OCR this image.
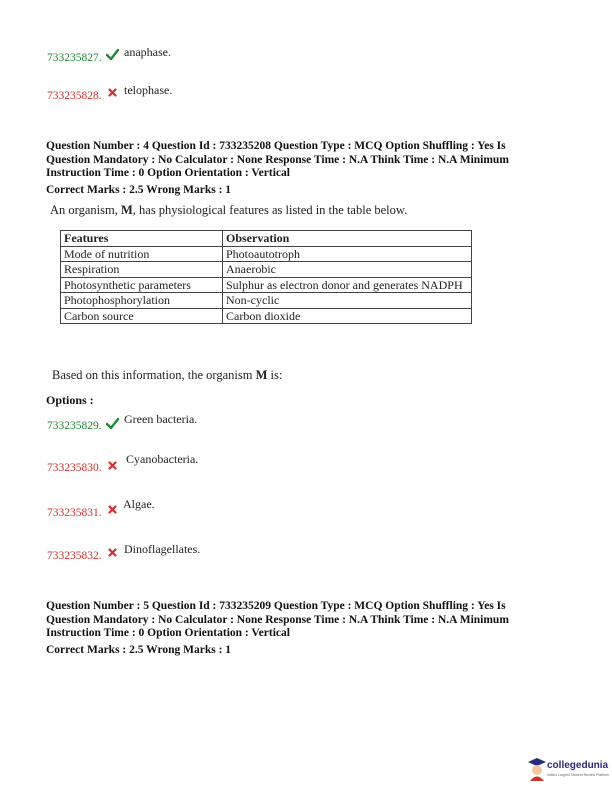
733235827. anaphase.
733235828. telophase.
Question Number : 4 Question Id : 733235208 Question Type : MCQ Option Shuffling : Yes Is
Question Mandatory : No Calculator : None Response Time : N.A Think Time : N.A Minimum
Instruction Time : 0 Option Orientation : Vertical
Correct Marks : 2.5 Wrong Marks : 1
An organism, M, has physiological features as listed in the table below.
Features	Observation
Mode of nutrition	Photoautotroph
Respiration	Anaerobic
Photosynthetic parameters	Sulphur as electron donor and generates NADPH
Photophosphorylation	Non-cyclic
Carbon source	Carbon dioxide
Based on this information, the organism M is:
Options :
733235829. Green bacteria.
733235830.
Cyanobacteria.
733235831.
Algae.
733235832. Dinoflagellates.
Question Number : 5 Question Id : 733235209 Question Type : MCQ Option Shuffling : Yes Is
Question Mandatory : No Calculator : None Response Time : N.A Think Time : N.A Minimum
Instruction Time : 0 Option Orientation : Vertical
Correct Marks : 2.5 Wrong Marks : 1
collegedunia
India's Largest Student Review Platform
